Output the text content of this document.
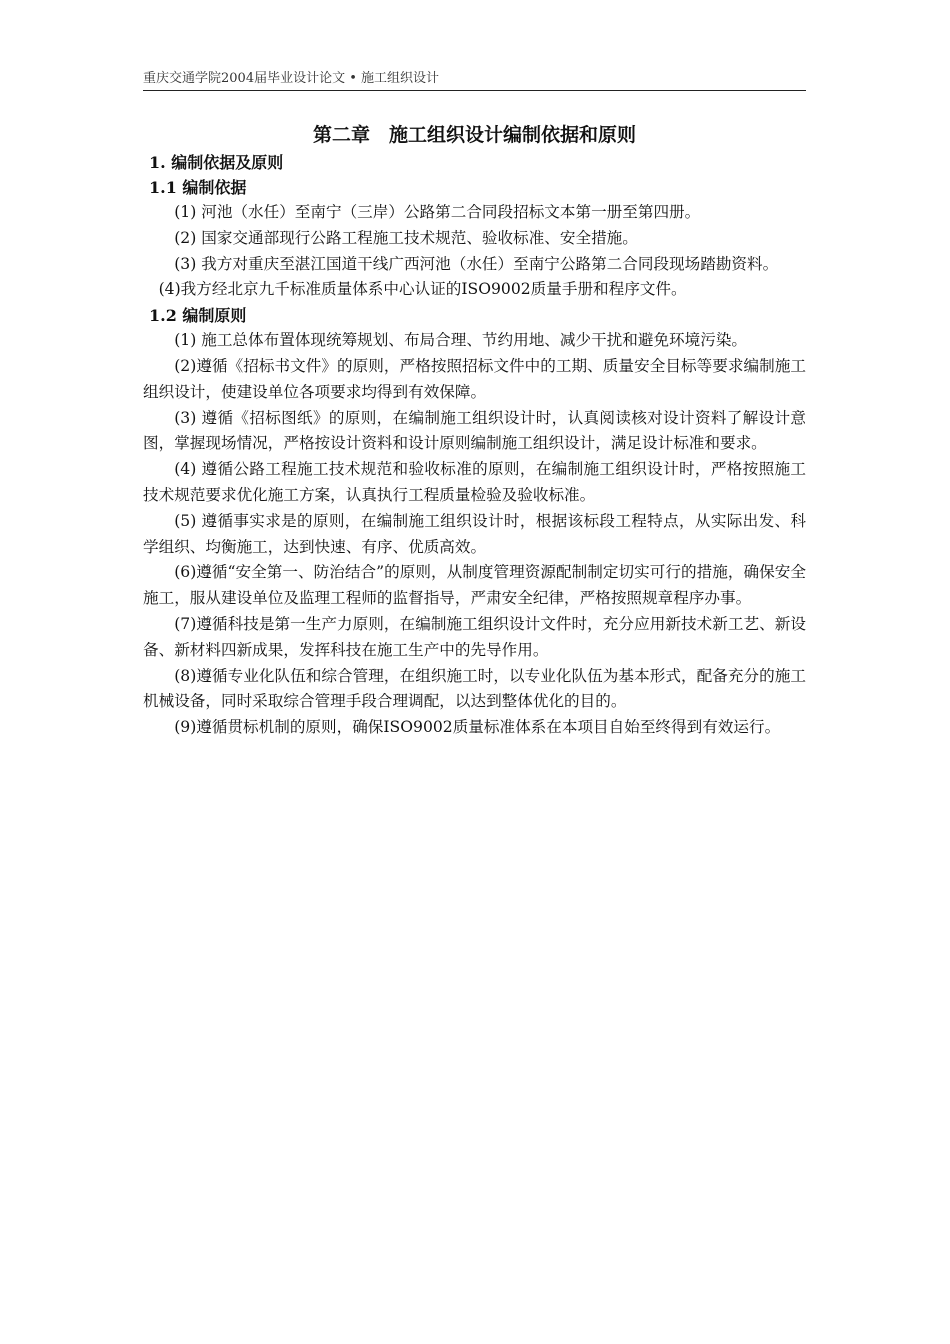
重庆交通学院2004届毕业设计论文 • 施工组织设计
第二章　施工组织设计编制依据和原则
1. 编制依据及原则
1.1 编制依据

(1) 河池（水任）至南宁（三岸）公路第二合同段招标文本第一册至第四册。

(2) 国家交通部现行公路工程施工技术规范、验收标准、安全措施。

(3) 我方对重庆至湛江国道干线广西河池（水任）至南宁公路第二合同段现场踏勘资料。

(4)我方经北京九千标准质量体系中心认证的ISO9002质量手册和程序文件。

1.2 编制原则

(1) 施工总体布置体现统筹规划、布局合理、节约用地、减少干扰和避免环境污染。

(2)遵循《招标书文件》的原则，严格按照招标文件中的工期、质量安全目标等要求编制施工组织设计，使建设单位各项要求均得到有效保障。

(3) 遵循《招标图纸》的原则，在编制施工组织设计时，认真阅读核对设计资料了解设计意图，掌握现场情况，严格按设计资料和设计原则编制施工组织设计，满足设计标准和要求。

(4) 遵循公路工程施工技术规范和验收标准的原则，在编制施工组织设计时，严格按照施工技术规范要求优化施工方案，认真执行工程质量检验及验收标准。

(5) 遵循事实求是的原则，在编制施工组织设计时，根据该标段工程特点，从实际出发、科学组织、均衡施工，达到快速、有序、优质高效。

(6)遵循“安全第一、防治结合”的原则，从制度管理资源配制制定切实可行的措施，确保安全施工，服从建设单位及监理工程师的监督指导，严肃安全纪律，严格按照规章程序办事。

(7)遵循科技是第一生产力原则，在编制施工组织设计文件时，充分应用新技术新工艺、新设备、新材料四新成果，发挥科技在施工生产中的先导作用。

(8)遵循专业化队伍和综合管理，在组织施工时，以专业化队伍为基本形式，配备充分的施工机械设备，同时采取综合管理手段合理调配，以达到整体优化的目的。

(9)遵循贯标机制的原则，确保ISO9002质量标准体系在本项目自始至终得到有效运行。
